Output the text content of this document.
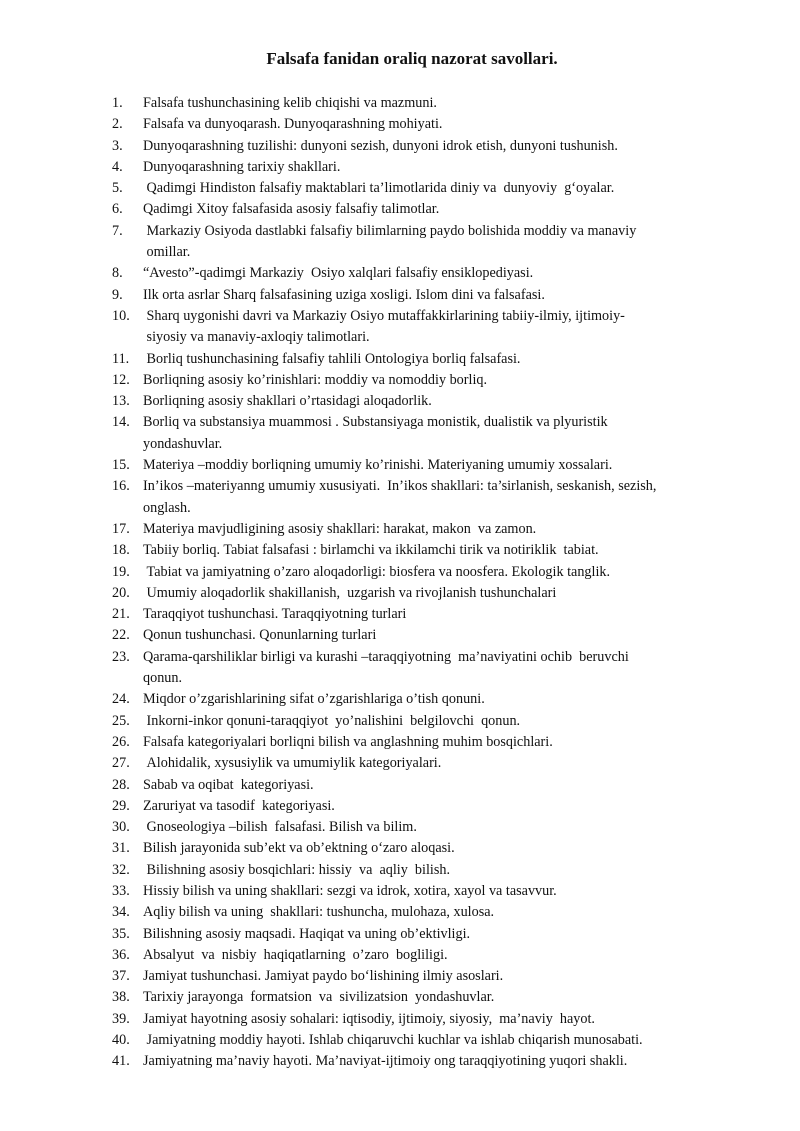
Falsafa fanidan oraliq nazorat savollari.
1.	Falsafa tushunchasining kelib chiqishi va mazmuni.
2.	Falsafa va dunyoqarash. Dunyoqarashning mohiyati.
3.	Dunyoqarashning tuzilishi: dunyoni sezish, dunyoni idrok etish, dunyoni tushunish.
4.	Dunyoqarashning tarixiy shakllari.
5.	Qadimgi Hindiston falsafiy maktablari ta’limotlarida diniy va  dunyoviy  g‘oyalar.
6.	Qadimgi Xitoy falsafasida asosiy falsafiy talimotlar.
7.	Markaziy Osiyoda dastlabki falsafiy bilimlarning paydo bolishida moddiy va manaviy
omillar.
8.	“Avesto”-qadimgi Markaziy  Osiyo xalqlari falsafiy ensiklopediyasi.
9.	Ilk orta asrlar Sharq falsafasining uziga xosligi. Islom dini va falsafasi.
10.	Sharq uygonishi davri va Markaziy Osiyo mutaffakkirlarining tabiiy-ilmiy, ijtimoiy-
siyosiy va manaviy-axloqiy talimotlari.
11. Borliq tushunchasining falsafiy tahlili Ontologiya borliq falsafasi.
12. Borliqning asosiy ko’rinishlari: moddiy va nomoddiy borliq.
13. Borliqning asosiy shakllari o’rtasidagi aloqadorlik.
14. Borliq va substansiya muammosi . Substansiyaga monistik, dualistik va plyuristik
yondashuvlar.
15. Materiya –moddiy borliqning umumiy ko’rinishi. Materiyaning umumiy xossalari.
16. In’ikos –materiyanng umumiy xususiyati.  In’ikos shakllari: ta’sirlanish, seskanish, sezish,
onglash.
17. Materiya mavjudligining asosiy shakllari: harakat, makon  va zamon.
18. Tabiiy borliq. Tabiat falsafasi : birlamchi va ikkilamchi tirik va notiriklik  tabiat.
19. Tabiat va jamiyatning o’zaro aloqadorligi: biosfera va noosfera. Ekologik tanglik.
20. Umumiy aloqadorlik shakillanish,  uzgarish va rivojlanish tushunchalari
21. Taraqqiyot tushunchasi. Taraqqiyotning turlari
22. Qonun tushunchasi. Qonunlarning turlari
23. Qarama-qarshiliklar birligi va kurashi –taraqqiyotning  ma’naviyatini ochib  beruvchi
qonun.
24. Miqdor o’zgarishlarining sifat o’zgarishlariga o’tish qonuni.
25. Inkorni-inkor qonuni-taraqqiyot  yo’nalishini  belgilovchi  qonun.
26. Falsafa kategoriyalari borliqni bilish va anglashning muhim bosqichlari.
27. Alohidalik, xysusiylik va umumiylik kategoriyalari.
28. Sabab va oqibat  kategoriyasi.
29. Zaruriyat va tasodif  kategoriyasi.
30. Gnoseologiya –bilish  falsafasi. Bilish va bilim.
31. Bilish jarayonida sub’ekt va ob’ektning o‘zaro aloqasi.
32. Bilishning asosiy bosqichlari: hissiy  va  aqliy  bilish.
33. Hissiy bilish va uning shakllari: sezgi va idrok, xotira, xayol va tasavvur.
34. Aqliy bilish va uning  shakllari: tushuncha, mulohaza, xulosa.
35. Bilishning asosiy maqsadi. Haqiqat va uning ob’ektivligi.
36. Absalyut  va  nisbiy  haqiqatlarning  o’zaro  bogliligi.
37. Jamiyat tushunchasi. Jamiyat paydo bo‘lishining ilmiy asoslari.
38. Tarixiy jarayonga  formatsion  va  sivilizatsion  yondashuvlar.
39. Jamiyat hayotning asosiy sohalari: iqtisodiy, ijtimoiy, siyosiy,  ma’naviy  hayot.
40. Jamiyatning moddiy hayoti. Ishlab chiqaruvchi kuchlar va ishlab chiqarish munosabati.
41. Jamiyatning ma’naviy hayoti. Ma’naviyat-ijtimoiy ong taraqqiyotining yuqori shakli.
